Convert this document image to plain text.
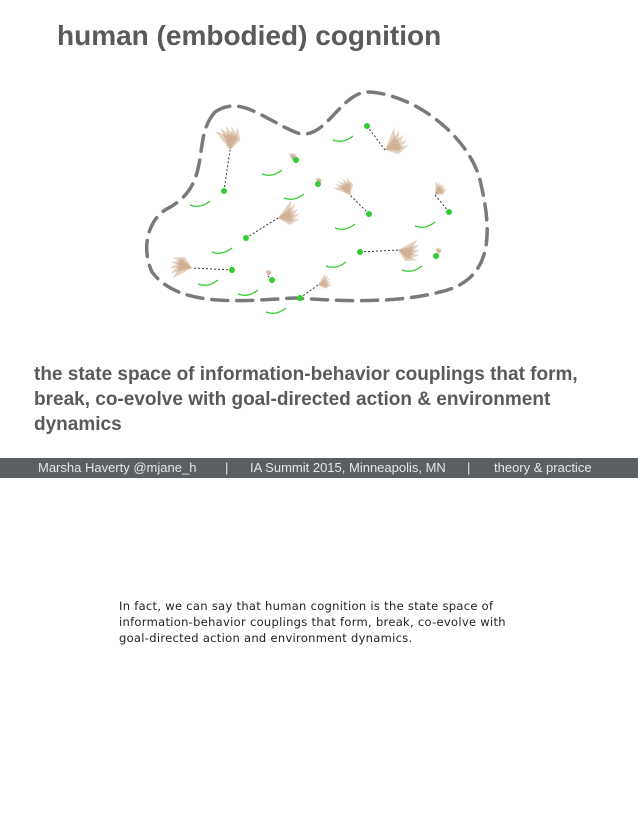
human (embodied) cognition

the state space of information-behavior couplings that form, break, co-evolve with goal-directed action & environment dynamics

Marsha Haverty @mjane_h | IA Summit 2015, Minneapolis, MN | theory & practice
In fact, we can say that human cognition is the state space of
information-behavior couplings that form, break, co-evolve with
goal-directed action and environment dynamics.
